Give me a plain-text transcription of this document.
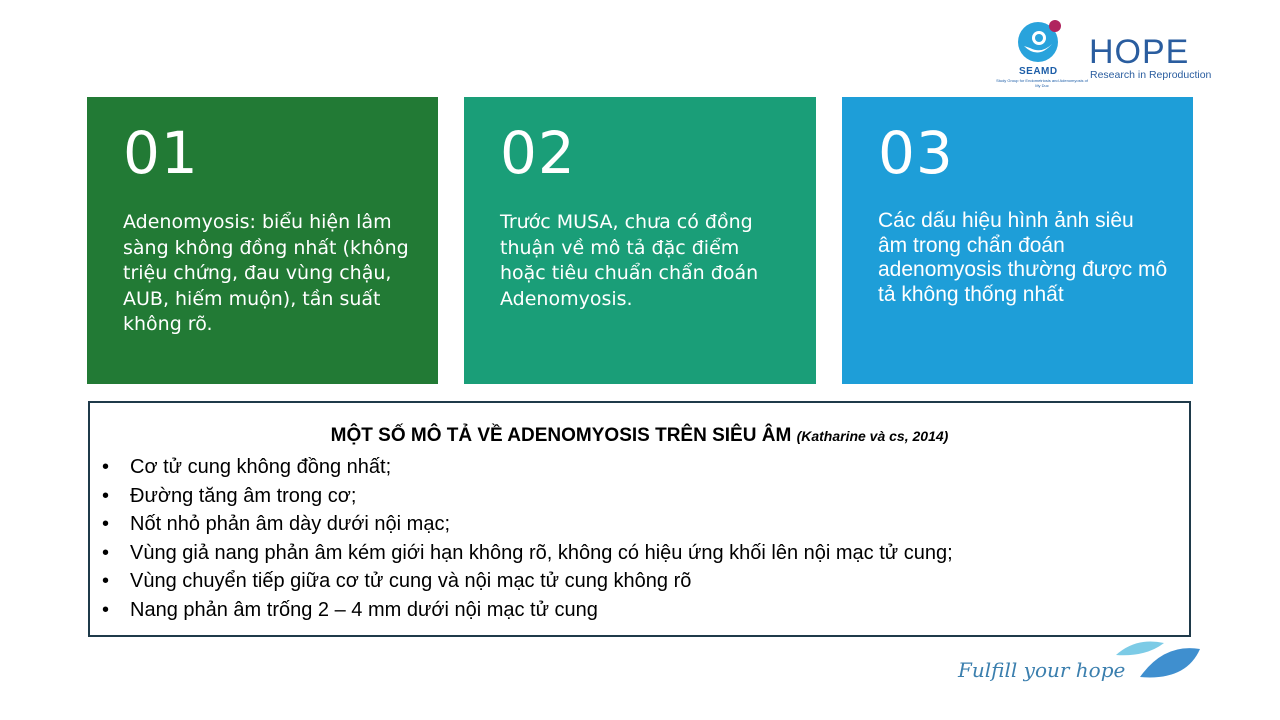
SEAMD
Study Group for Endometriosis and Adenomyosis of My Duc
HOPE
Research in Reproduction
01
Adenomyosis: biểu hiện lâm sàng không đồng nhất (không triệu chứng, đau vùng chậu, AUB, hiếm muộn), tần suất không rõ.
02
Trước MUSA, chưa có đồng thuận về mô tả đặc điểm hoặc tiêu chuẩn chẩn đoán Adenomyosis.
03
Các dấu hiệu hình ảnh siêu âm trong chẩn đoán adenomyosis thường được mô tả không thống nhất
MỘT SỐ MÔ TẢ VỀ ADENOMYOSIS TRÊN SIÊU ÂM (Katharine và cs, 2014)
• Cơ tử cung không đồng nhất;
• Đường tăng âm trong cơ;
• Nốt nhỏ phản âm dày dưới nội mạc;
• Vùng giả nang phản âm kém giới hạn không rõ, không có hiệu ứng khối lên nội mạc tử cung;
• Vùng chuyển tiếp giữa cơ tử cung và nội mạc tử cung không rõ
• Nang phản âm trống 2 – 4 mm dưới nội mạc tử cung
Fulfill your hope
